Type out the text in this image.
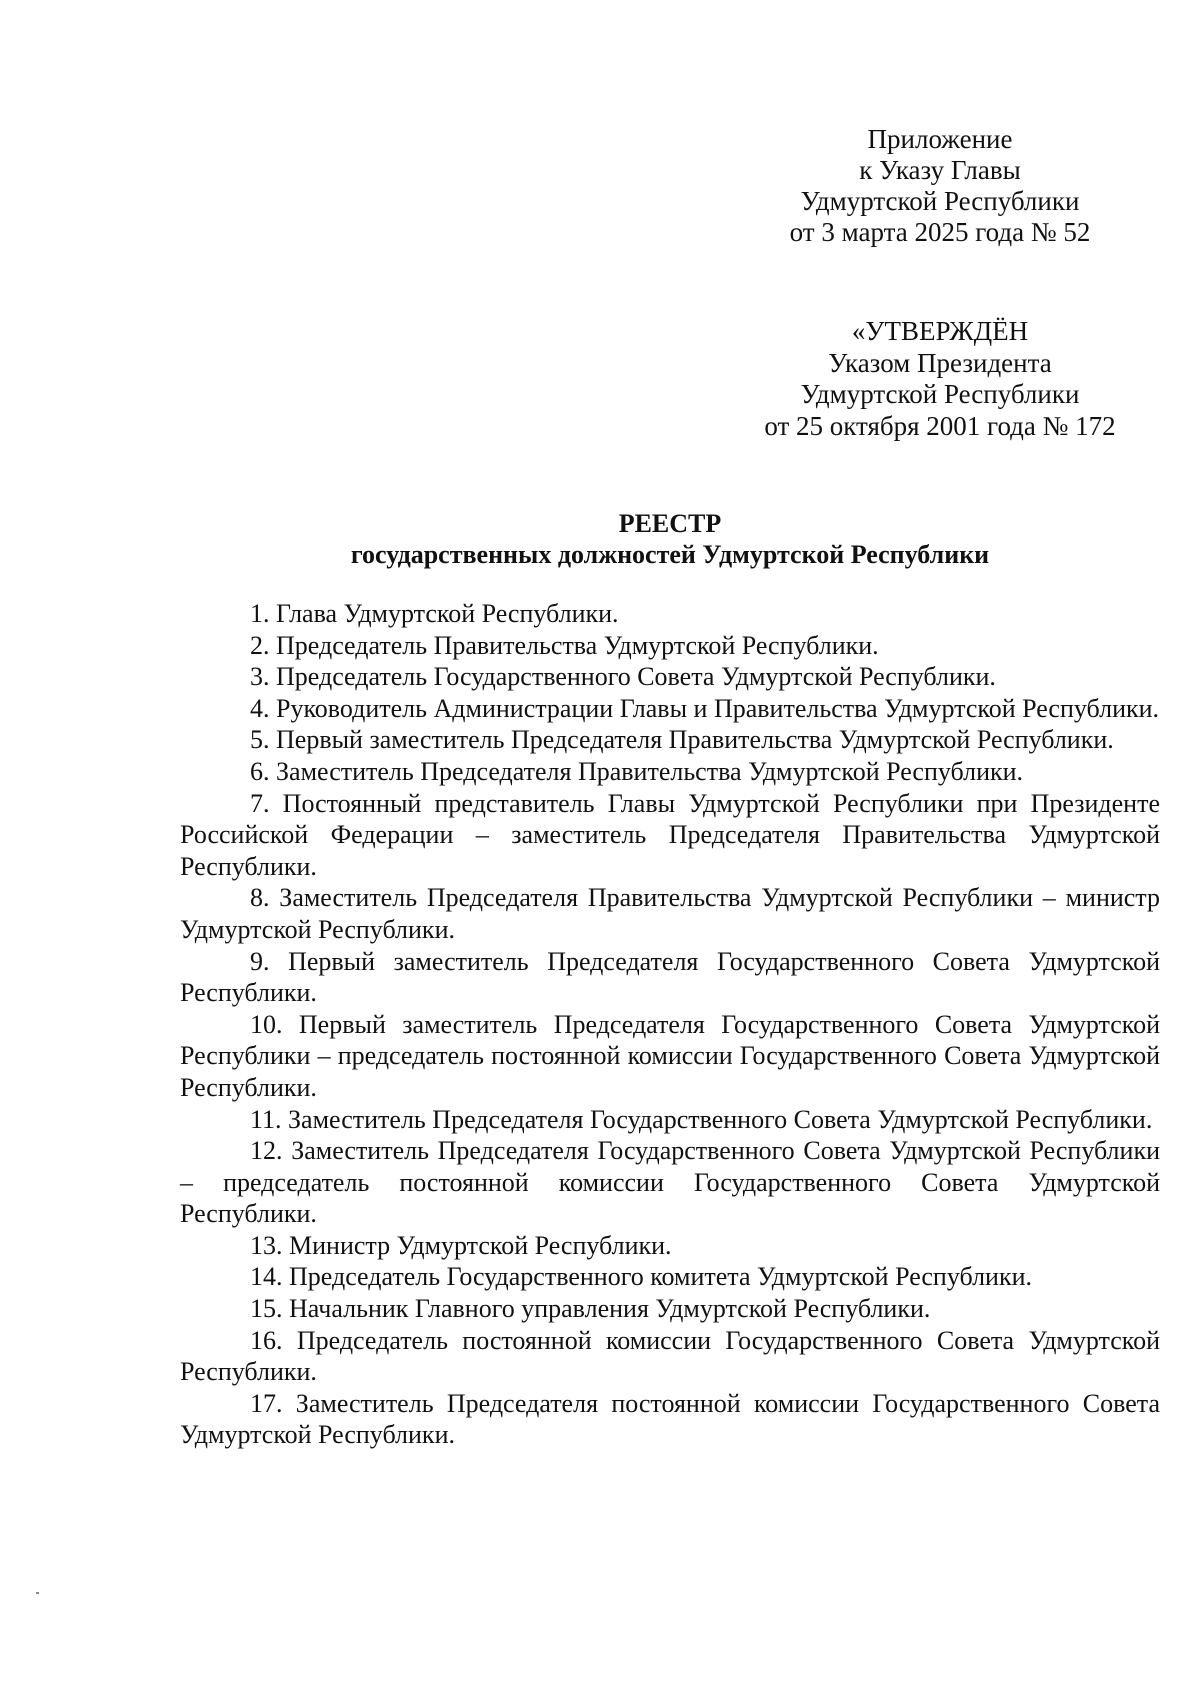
Приложение
к Указу Главы
Удмуртской Республики
от 3 марта 2025 года № 52
«УТВЕРЖДЁН
Указом Президента
Удмуртской Республики
от 25 октября 2001 года № 172
РЕЕСТР
государственных должностей Удмуртской Республики
1. Глава Удмуртской Республики.
2. Председатель Правительства Удмуртской Республики.
3. Председатель Государственного Совета Удмуртской Республики.
4. Руководитель Администрации Главы и Правительства Удмуртской Республики.
5. Первый заместитель Председателя Правительства Удмуртской Республики.
6. Заместитель Председателя Правительства Удмуртской Республики.
7. Постоянный представитель Главы Удмуртской Республики при Президенте Российской Федерации – заместитель Председателя Правительства Удмуртской Республики.
8. Заместитель Председателя Правительства Удмуртской Республики – министр Удмуртской Республики.
9. Первый заместитель Председателя Государственного Совета Удмуртской Республики.
10. Первый заместитель Председателя Государственного Совета Удмуртской Республики – председатель постоянной комиссии Государственного Совета Удмуртской Республики.
11. Заместитель Председателя Государственного Совета Удмуртской Республики.
12. Заместитель Председателя Государственного Совета Удмуртской Республики – председатель постоянной комиссии Государственного Совета Удмуртской Республики.
13. Министр Удмуртской Республики.
14. Председатель Государственного комитета Удмуртской Республики.
15. Начальник Главного управления Удмуртской Республики.
16. Председатель постоянной комиссии Государственного Совета Удмуртской Республики.
17. Заместитель Председателя постоянной комиссии Государственного Совета Удмуртской Республики.
